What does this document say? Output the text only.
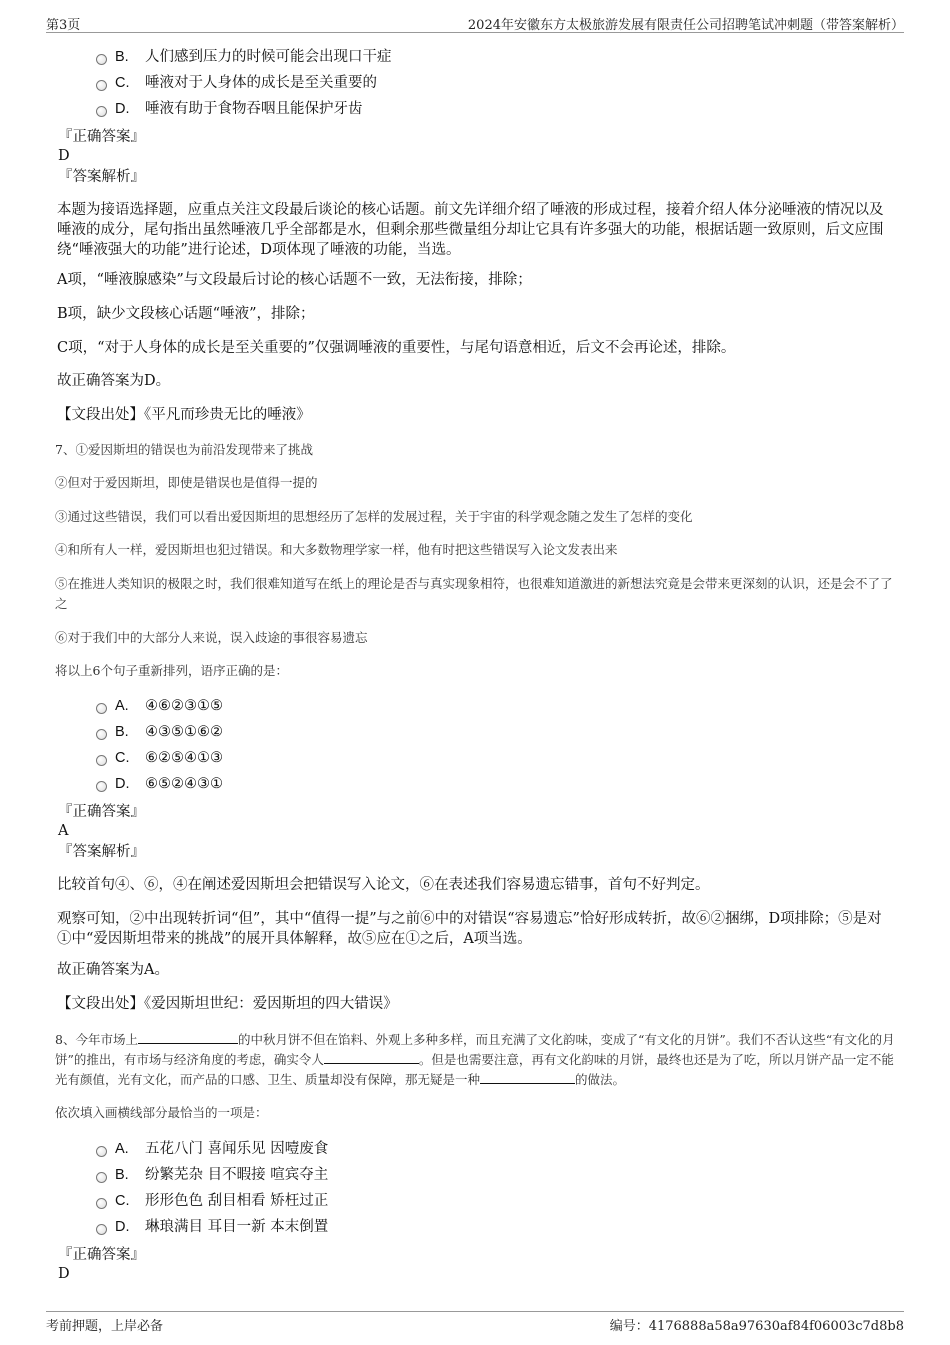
第3页	2024年安徽东方太极旅游发展有限责任公司招聘笔试冲刺题（带答案解析）
B. 人们感到压力的时候可能会出现口干症
C. 唾液对于人身体的成长是至关重要的
D. 唾液有助于食物吞咽且能保护牙齿
『正确答案』
D
『答案解析』
本题为接语选择题，应重点关注文段最后谈论的核心话题。前文先详细介绍了唾液的形成过程，接着介绍人体分泌唾液的情况以及唾液的成分，尾句指出虽然唾液几乎全部都是水，但剩余那些微量组分却让它具有许多强大的功能，根据话题一致原则，后文应围绕“唾液强大的功能”进行论述，D项体现了唾液的功能，当选。
A项，“唾液腺感染”与文段最后讨论的核心话题不一致，无法衔接，排除；
B项，缺少文段核心话题“唾液”，排除；
C项，“对于人身体的成长是至关重要的”仅强调唾液的重要性，与尾句语意相近，后文不会再论述，排除。
故正确答案为D。
【文段出处】《平凡而珍贵无比的唾液》
7、①爱因斯坦的错误也为前沿发现带来了挑战
②但对于爱因斯坦，即使是错误也是值得一提的
③通过这些错误，我们可以看出爱因斯坦的思想经历了怎样的发展过程，关于宇宙的科学观念随之发生了怎样的变化
④和所有人一样，爱因斯坦也犯过错误。和大多数物理学家一样，他有时把这些错误写入论文发表出来
⑤在推进人类知识的极限之时，我们很难知道写在纸上的理论是否与真实现象相符，也很难知道激进的新想法究竟是会带来更深刻的认识，还是会不了了之
⑥对于我们中的大部分人来说，误入歧途的事很容易遗忘
将以上6个句子重新排列，语序正确的是：
A. ④⑥②③①⑤
B. ④③⑤①⑥②
C. ⑥②⑤④①③
D. ⑥⑤②④③①
『正确答案』
A
『答案解析』
比较首句④、⑥，④在阐述爱因斯坦会把错误写入论文，⑥在表述我们容易遗忘错事，首句不好判定。
观察可知，②中出现转折词“但”，其中“值得一提”与之前⑥中的对错误“容易遗忘”恰好形成转折，故⑥②捆绑，D项排除；⑤是对①中“爱因斯坦带来的挑战”的展开具体解释，故⑤应在①之后，A项当选。
故正确答案为A。
【文段出处】《爱因斯坦世纪：爱因斯坦的四大错误》
8、今年市场上	的中秋月饼不但在馅料、外观上多种多样，而且充满了文化韵味，变成了“有文化的月饼”。我们不否认这些“有文化的月饼”的推出，有市场与经济角度的考虑，确实令人	。但是也需要注意，再有文化韵味的月饼，最终也还是为了吃，所以月饼产品一定不能光有颜值，光有文化，而产品的口感、卫生、质量却没有保障，那无疑是一种	的做法。
依次填入画横线部分最恰当的一项是：
A. 五花八门 喜闻乐见 因噎废食
B. 纷繁芜杂 目不暇接 喧宾夺主
C. 形形色色 刮目相看 矫枉过正
D. 琳琅满目 耳目一新 本末倒置
『正确答案』
D
考前押题，上岸必备	编号：4176888a58a97630af84f06003c7d8b8
